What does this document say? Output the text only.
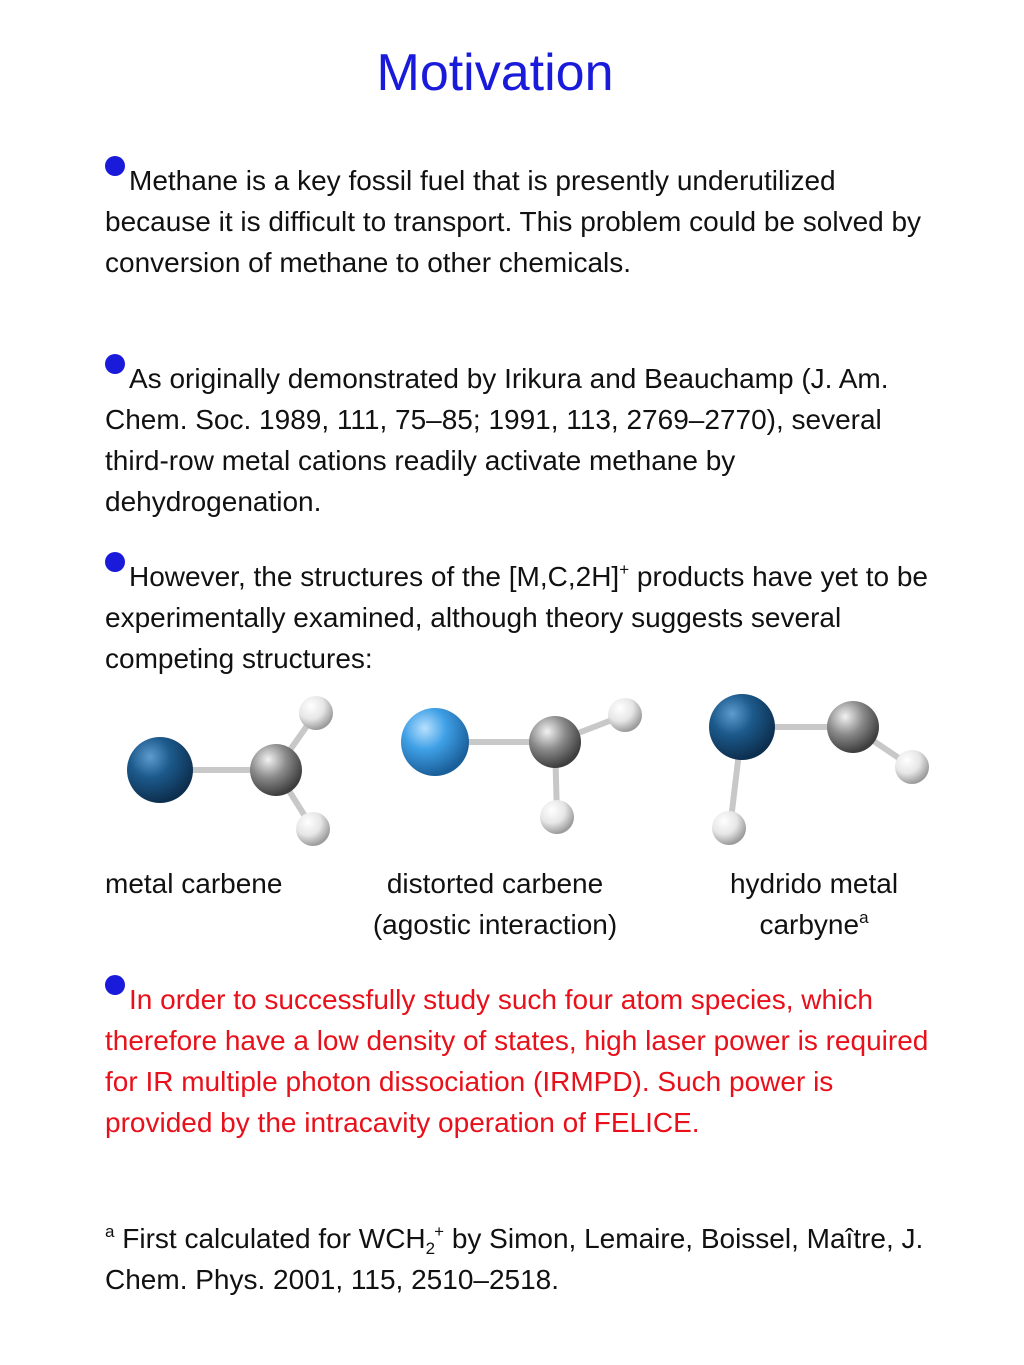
Motivation
Methane is a key fossil fuel that is presently underutilized because it is difficult to transport. This problem could be solved by conversion of methane to other chemicals.
As originally demonstrated by Irikura and Beauchamp (J. Am. Chem. Soc. 1989, 111, 75–85; 1991, 113, 2769–2770), several third-row metal cations readily activate methane by dehydrogenation.
However, the structures of the [M,C,2H]+ products have yet to be experimentally examined, although theory suggests several competing structures:
metal carbene	distorted carbene
(agostic interaction)
hydrido metal
carbyne$^a$
In order to successfully study such four atom species, which therefore have a low density of states, high laser power is required for IR multiple photon dissociation (IRMPD). Such power is provided by the intracavity operation of FELICE.
$^a$ First calculated for $WCH_2^+$ by Simon, Lemaire, Boissel, Maître, J. Chem. Phys. 2001, 115, 2510–2518.
